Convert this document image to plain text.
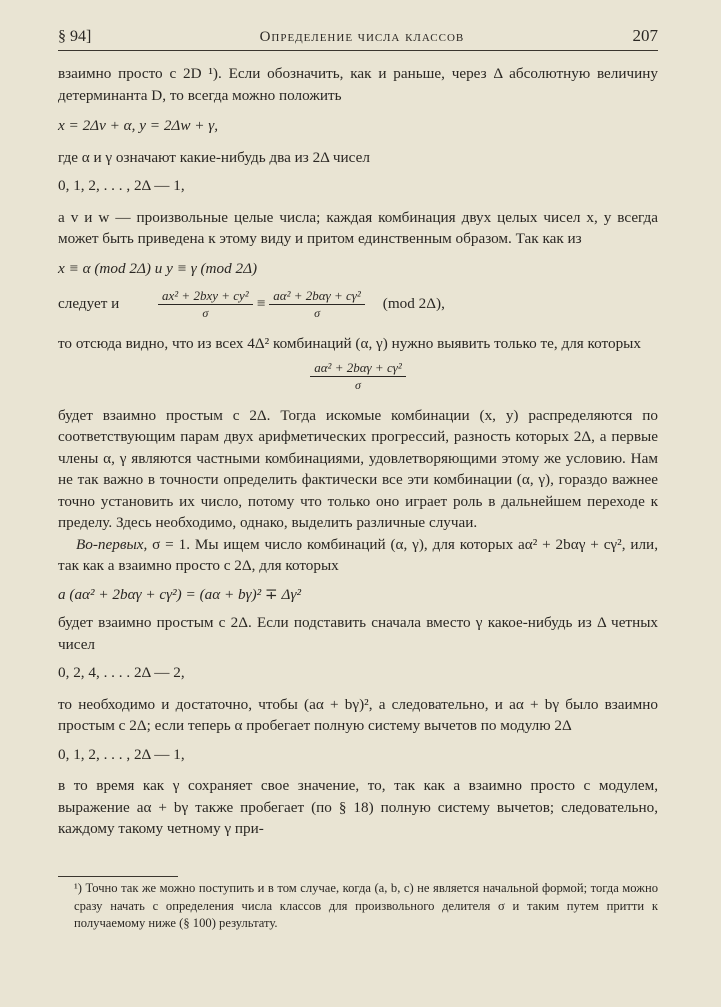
§ 94]	Определение числа классов	207

взаимно просто с 2D ¹). Если обозначить, как и раньше, через Δ абсолютную величину детерминанта D, то всегда можно положить

x = 2Δv + α, y = 2Δw + γ,

где α и γ означают какие-нибудь два из 2Δ чисел

0, 1, 2, . . . , 2Δ — 1,

а v и w — произвольные целые числа; каждая комбинация двух целых чисел x, y всегда может быть приведена к этому виду и притом единственным образом. Так как из

x ≡ α (mod 2Δ) и y ≡ γ (mod 2Δ)

следует и	$\frac{\text{ax² + 2bxy + cy²}}{\sigma} \equiv \frac{\text{aα² + 2bαγ + cγ²}}{\sigma} (mod$ 2Δ),

то отсюда видно, что из всех 4Δ² комбинаций (α, γ) нужно выявить только те, для которых

$\frac{\text{aα² + 2bαγ + cγ²}}{\sigma}$

будет взаимно простым с 2Δ. Тогда искомые комбинации (x, y) распределяются по соответствующим парам двух арифметических прогрессий, разность которых 2Δ, а первые члены α, γ являются частными комбинациями, удовлетворяющими этому же условию. Нам не так важно в точности определить фактически все эти комбинации (α, γ), гораздо важнее точно установить их число, потому что только оно играет роль в дальнейшем переходе к пределу. Здесь необходимо, однако, выделить различные случаи.

Во-первых, σ = 1. Мы ищем число комбинаций (α, γ), для которых aα² + 2bαγ + cγ², или, так как a взаимно просто с 2Δ, для которых

a (aα² + 2bαγ + cγ²) = (aα + bγ)² ∓ Δγ²

будет взаимно простым с 2Δ. Если подставить сначала вместо γ какое-нибудь из Δ четных чисел

0, 2, 4, . . . . 2Δ — 2,

то необходимо и достаточно, чтобы (aα + bγ)², а следовательно, и aα + bγ было взаимно простым с 2Δ; если теперь α пробегает полную систему вычетов по модулю 2Δ

0, 1, 2, . . . , 2Δ — 1,

в то время как γ сохраняет свое значение, то, так как a взаимно просто с модулем, выражение aα + bγ также пробегает (по § 18) полную систему вычетов; следовательно, каждому такому четному γ при-

¹) Точно так же можно поступить и в том случае, когда (a, b, c) не является начальной формой; тогда можно сразу начать с определения числа классов для произвольного делителя σ и таким путем притти к получаемому ниже (§ 100) результату.
